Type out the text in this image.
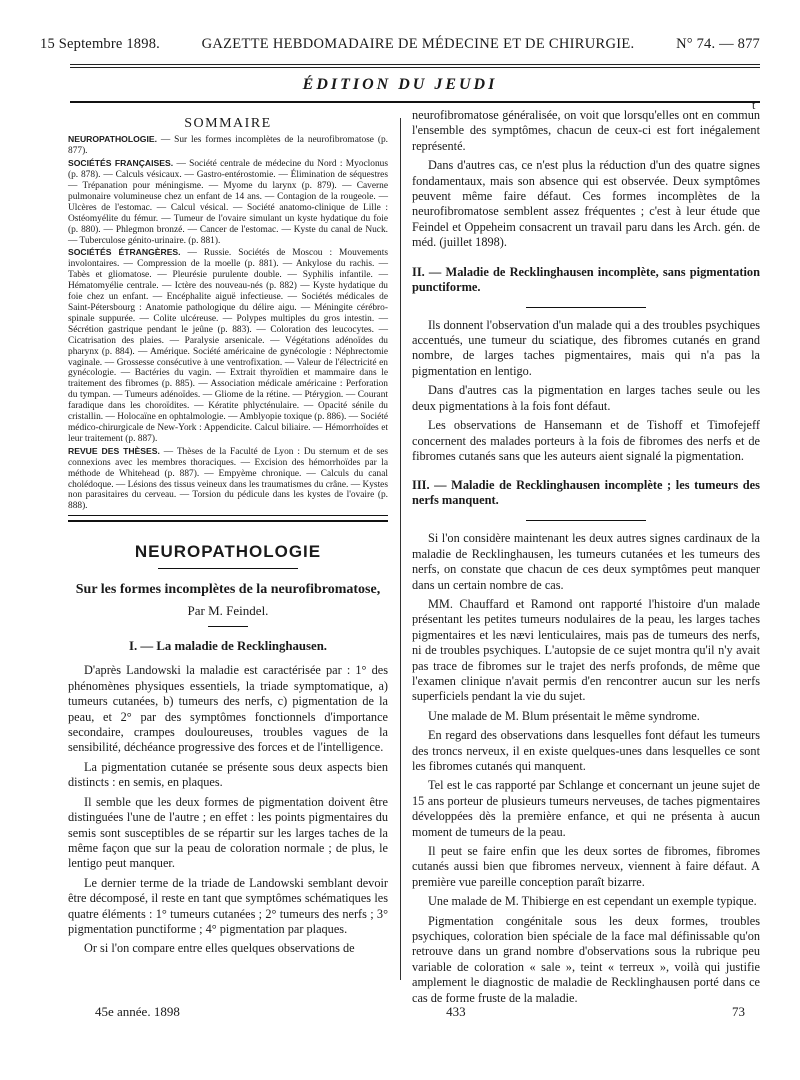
15 Septembre 1898.	GAZETTE HEBDOMADAIRE DE MÉDECINE ET DE CHIRURGIE.	N° 74. — 877
ÉDITION DU JEUDI
t
SOMMAIRE

NEUROPATHOLOGIE. — Sur les formes incomplètes de la neurofibromatose (p. 877).

SOCIÉTÉS FRANÇAISES. — Société centrale de médecine du Nord : Myoclonus (p. 878). — Calculs vésicaux. — Gastro-entérostomie. — Élimination de séquestres — Trépanation pour méningisme. — Myome du larynx (p. 879). — Caverne pulmonaire volumineuse chez un enfant de 14 ans. — Contagion de la rougeole. — Ulcères de l'estomac. — Calcul vésical. — Société anatomo-clinique de Lille : Ostéomyélite du fémur. — Tumeur de l'ovaire simulant un kyste hydatique du foie (p. 880). — Phlegmon bronzé. — Cancer de l'estomac. — Kyste du canal de Nuck. — Tuberculose génito-urinaire. (p. 881).

SOCIÉTÉS ÉTRANGÈRES. — Russie. Sociétés de Moscou : Mouvements involontaires. — Compression de la moelle (p. 881). — Ankylose du rachis. — Tabès et gliomatose. — Pleurésie purulente double. — Syphilis infantile. — Hématomyélie centrale. — Ictère des nouveau-nés (p. 882) — Kyste hydatique du foie chez un enfant. — Encéphalite aiguë infectieuse. — Sociétés médicales de Saint-Pétersbourg : Anatomie pathologique du délire aigu. — Méningite cérébro-spinale suppurée. — Colite ulcéreuse. — Polypes multiples du gros intestin. — Sécrétion gastrique pendant le jeûne (p. 883). — Coloration des leucocytes. — Cicatrisation des plaies. — Paralysie arsenicale. — Végétations adénoïdes du pharynx (p. 884). — Amérique. Société américaine de gynécologie : Néphrectomie vaginale. — Grossesse consécutive à une ventrofixation. — Valeur de l'électricité en gynécologie. — Bactéries du vagin. — Extrait thyroïdien et mammaire dans le traitement des fibromes (p. 885). — Association médicale américaine : Perforation du tympan. — Tumeurs adénoïdes. — Gliome de la rétine. — Ptérygion. — Courant faradique dans les choroïdites. — Kératite phlycténulaire. — Opacité sénile du cristallin. — Holocaïne en ophtalmologie. — Amblyopie toxique (p. 886). — Société médico-chirurgicale de New-York : Appendicite. Calcul biliaire. — Hémorrhoïdes et leur traitement (p. 887).

REVUE DES THÈSES. — Thèses de la Faculté de Lyon : Du sternum et de ses connexions avec les membres thoraciques. — Excision des hémorrhoïdes par la méthode de Whitehead (p. 887). — Empyème chronique. — Calculs du canal cholédoque. — Lésions des tissus veineux dans les traumatismes du crâne. — Kystes non parasitaires du cerveau. — Torsion du pédicule dans les kystes de l'ovaire (p. 888).

NEUROPATHOLOGIE
Sur les formes incomplètes de la neurofibromatose,
Par M. Feindel.
I. — La maladie de Recklinghausen.

D'après Landowski la maladie est caractérisée par : 1° des phénomènes physiques essentiels, la triade symptomatique, a) tumeurs cutanées, b) tumeurs des nerfs, c) pigmentation de la peau, et 2° par des symptômes fonctionnels d'importance secondaire, crampes douloureuses, troubles vagues de la sensibilité, déchéance progressive des forces et de l'intelligence.

La pigmentation cutanée se présente sous deux aspects bien distincts : en semis, en plaques.

Il semble que les deux formes de pigmentation doivent être distinguées l'une de l'autre ; en effet : les points pigmentaires du semis sont susceptibles de se répartir sur les larges taches de la même façon que sur la peau de coloration normale ; de plus, le lentigo peut manquer.

Le dernier terme de la triade de Landowski semblant devoir être décomposé, il reste en tant que symptômes schématiques les quatre éléments : 1° tumeurs cutanées ; 2° tumeurs des nerfs ; 3° pigmentation punctiforme ; 4° pigmentation par plaques.

Or si l'on compare entre elles quelques observations de

neurofibromatose généralisée, on voit que lorsqu'elles ont en commun l'ensemble des symptômes, chacun de ceux-ci est fort inégalement représenté.

Dans d'autres cas, ce n'est plus la réduction d'un des quatre signes fondamentaux, mais son absence qui est observée. Deux symptômes peuvent même faire défaut. Ces formes incomplètes de la neurofibromatose semblent assez fréquentes ; c'est à leur étude que Feindel et Oppeheim consacrent un travail paru dans les Arch. gén. de méd. (juillet 1898).

II. — Maladie de Recklinghausen incomplète, sans pigmentation punctiforme.

Ils donnent l'observation d'un malade qui a des troubles psychiques accentués, une tumeur du sciatique, des fibromes cutanés en grand nombre, de larges taches pigmentaires, mais qui n'a pas la pigmentation en lentigo.

Dans d'autres cas la pigmentation en larges taches seule ou les deux pigmentations à la fois font défaut.

Les observations de Hansemann et de Tishoff et Timofejeff concernent des malades porteurs à la fois de fibromes des nerfs et de fibromes cutanés sans que les auteurs aient signalé la pigmentation.

III. — Maladie de Recklinghausen incomplète ; les tumeurs des nerfs manquent.

Si l'on considère maintenant les deux autres signes cardinaux de la maladie de Recklinghausen, les tumeurs cutanées et les tumeurs des nerfs, on constate que chacun de ces deux symptômes peut manquer dans un certain nombre de cas.

MM. Chauffard et Ramond ont rapporté l'histoire d'un malade présentant les petites tumeurs nodulaires de la peau, les larges taches pigmentaires et les nævi lenticulaires, mais pas de tumeurs des nerfs, ni de troubles psychiques. L'autopsie de ce sujet montra qu'il n'y avait pas trace de fibromes sur le trajet des nerfs profonds, de même que l'examen clinique n'avait permis d'en rencontrer aucun sur les nerfs superficiels pendant la vie du sujet.

Une malade de M. Blum présentait le même syndrome.

En regard des observations dans lesquelles font défaut les tumeurs des troncs nerveux, il en existe quelques-unes dans lesquelles ce sont les fibromes cutanés qui manquent.

Tel est le cas rapporté par Schlange et concernant un jeune sujet de 15 ans porteur de plusieurs tumeurs nerveuses, de taches pigmentaires développées dès la première enfance, et qui ne présenta à aucun moment de tumeurs de la peau.

Il peut se faire enfin que les deux sortes de fibromes, fibromes cutanés aussi bien que fibromes nerveux, viennent à faire défaut. A première vue pareille conception paraît bizarre.

Une malade de M. Thibierge en est cependant un exemple typique.

Pigmentation congénitale sous les deux formes, troubles psychiques, coloration bien spéciale de la face mal définissable qu'on retrouve dans un grand nombre d'observations sous la rubrique peu variable de coloration « sale », teint « terreux », voilà qui justifie amplement le diagnostic de maladie de Recklinghausen porté dans ce cas de forme fruste de la maladie.

45e année. 1898	433	73
